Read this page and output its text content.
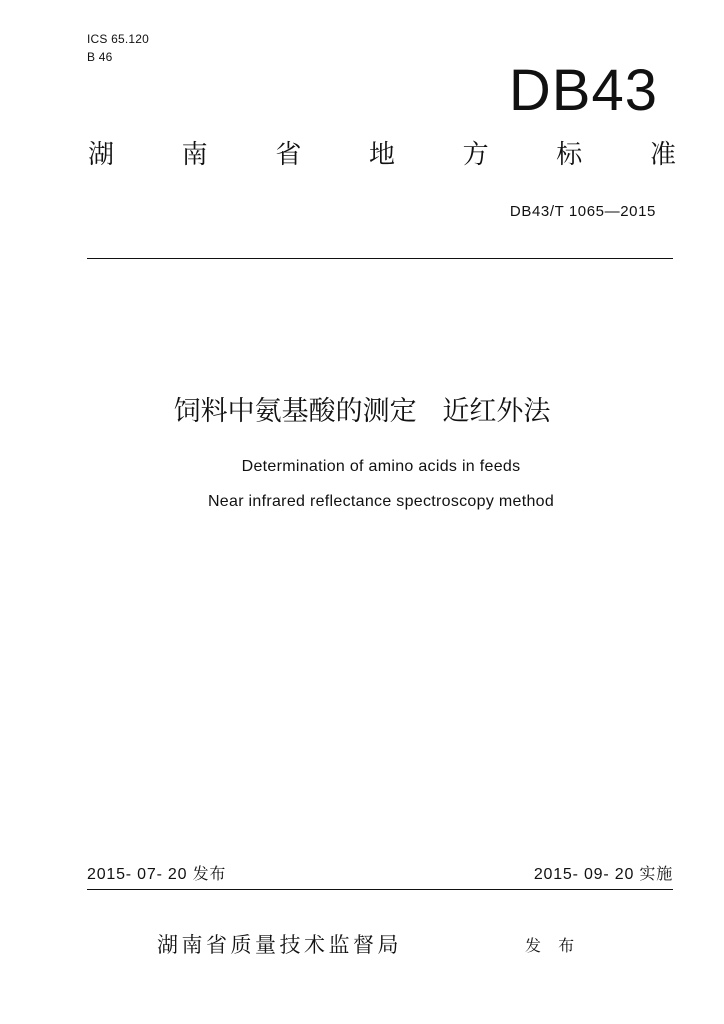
ICS 65.120
B 46
DB43
湖	南	省	地	方	标	准
DB43/T 1065—2015
饲料中氨基酸的测定   近红外法
Determination of amino acids in feeds
Near infrared reflectance spectroscopy method
2015- 07- 20 发布	2015- 09- 20 实施
湖南省质量技术监督局	发 布
